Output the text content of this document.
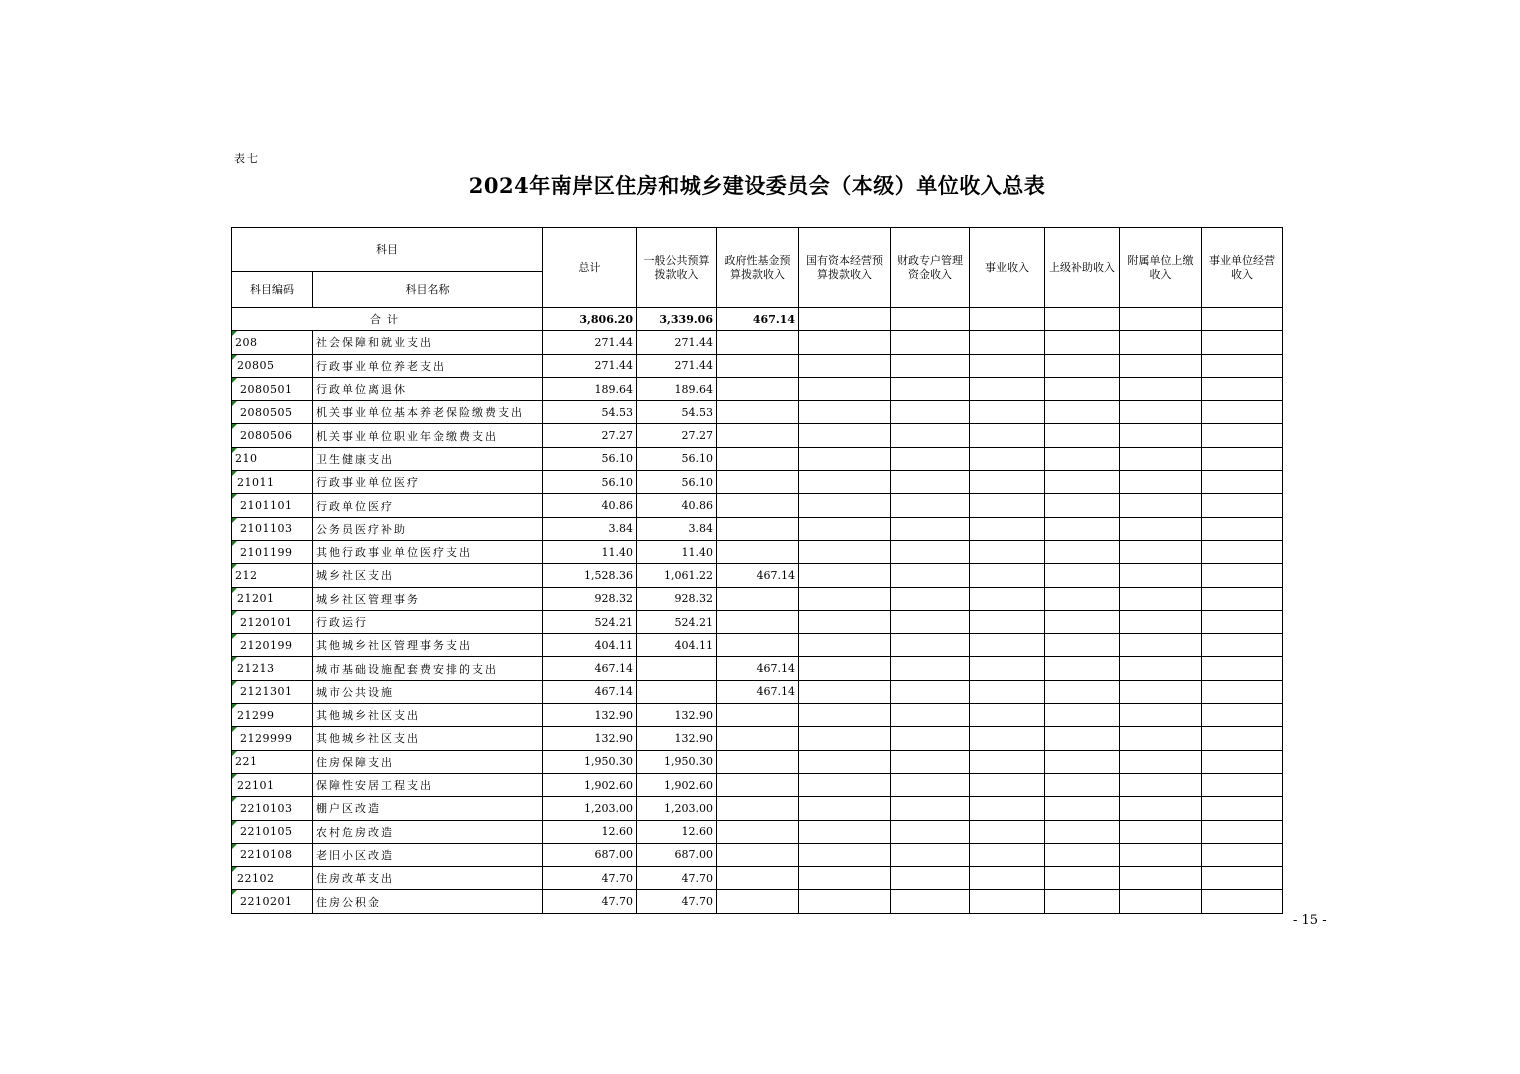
表七
2024年南岸区住房和城乡建设委员会（本级）单位收入总表
科目		总计	一般公共预算拨款收入	政府性基金预算拨款收入	国有资本经营预算拨款收入	财政专户管理资金收入	事业收入	上级补助收入	附属单位上缴收入	事业单位经营收入
科目编码	科目名称									
合计		3,806.20	3,339.06	467.14						
208	社会保障和就业支出	271.44	271.44							
20805	行政事业单位养老支出	271.44	271.44							
2080501	行政单位离退休	189.64	189.64							
2080505	机关事业单位基本养老保险缴费支出	54.53	54.53							
2080506	机关事业单位职业年金缴费支出	27.27	27.27							
210	卫生健康支出	56.10	56.10							
21011	行政事业单位医疗	56.10	56.10							
2101101	行政单位医疗	40.86	40.86							
2101103	公务员医疗补助	3.84	3.84							
2101199	其他行政事业单位医疗支出	11.40	11.40							
212	城乡社区支出	1,528.36	1,061.22	467.14						
21201	城乡社区管理事务	928.32	928.32							
2120101	行政运行	524.21	524.21							
2120199	其他城乡社区管理事务支出	404.11	404.11							
21213	城市基础设施配套费安排的支出	467.14		467.14						
2121301	城市公共设施	467.14		467.14						
21299	其他城乡社区支出	132.90	132.90							
2129999	其他城乡社区支出	132.90	132.90							
221	住房保障支出	1,950.30	1,950.30							
22101	保障性安居工程支出	1,902.60	1,902.60							
2210103	棚户区改造	1,203.00	1,203.00							
2210105	农村危房改造	12.60	12.60							
2210108	老旧小区改造	687.00	687.00							
22102	住房改革支出	47.70	47.70							
2210201	住房公积金	47.70	47.70							
- 15 -
